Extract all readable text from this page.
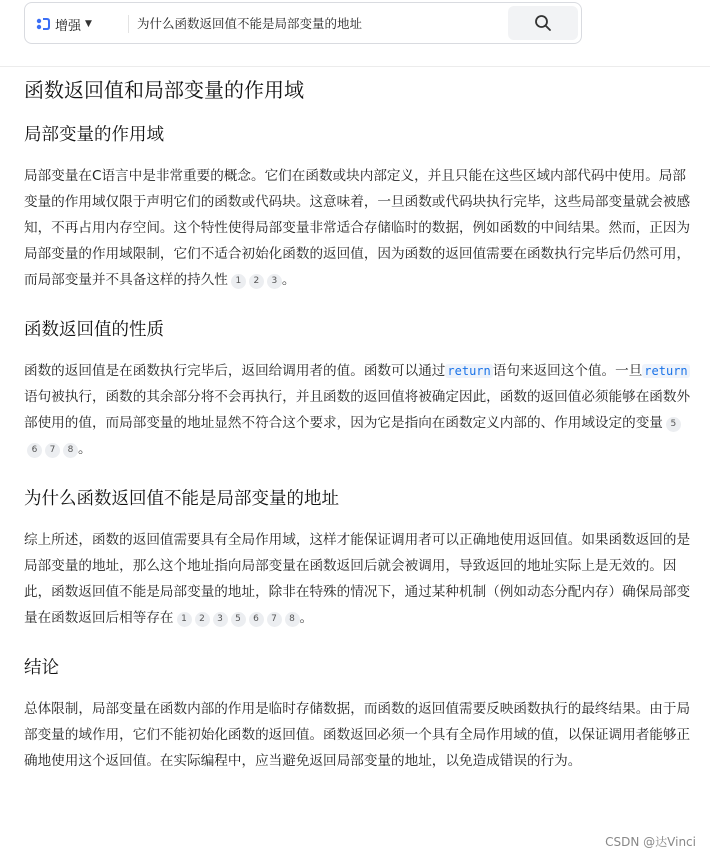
增强 ▼
为什么函数返回值不能是局部变量的地址
函数返回值和局部变量的作用域
局部变量的作用域

局部变量在C语言中是非常重要的概念。它们在函数或块内部定义，并且只能在这些区域内部代码中使用。局部变量的作用域仅限于声明它们的函数或代码块。这意味着，一旦函数或代码块执行完毕，这些局部变量就会被感知，不再占用内存空间。这个特性使得局部变量非常适合存储临时的数据，例如函数的中间结果。然而，正因为局部变量的作用域限制，它们不适合初始化函数的返回值，因为函数的返回值需要在函数执行完毕后仍然可用，而局部变量并不具备这样的持久性 1 2 3 。

函数返回值的性质

函数的返回值是在函数执行完毕后，返回给调用者的值。函数可以通过 return 语句来返回这个值。一旦 return语句被执行，函数的其余部分将不会再执行，并且函数的返回值将被确定因此，函数的返回值必须能够在函数外部使用的值，而局部变量的地址显然不符合这个要求，因为它是指向在函数定义内部的、作用域设定的变量 56 7 8 。

为什么函数返回值不能是局部变量的地址

综上所述，函数的返回值需要具有全局作用域，这样才能保证调用者可以正确地使用返回值。如果函数返回的是局部变量的地址，那么这个地址指向局部变量在函数返回后就会被调用，导致返回的地址实际上是无效的。因此，函数返回值不能是局部变量的地址，除非在特殊的情况下，通过某种机制（例如动态分配内存）确保局部变量在函数返回后相等存在 1 2 3 5 6 7 8 。

结论

总体限制，局部变量在函数内部的作用是临时存储数据，而函数的返回值需要反映函数执行的最终结果。由于局部变量的域作用，它们不能初始化函数的返回值。函数返回必须一个具有全局作用域的值，以保证调用者能够正确地使用这个返回值。在实际编程中，应当避免返回局部变量的地址，以免造成错误的行为。

CSDN @达Vinci
